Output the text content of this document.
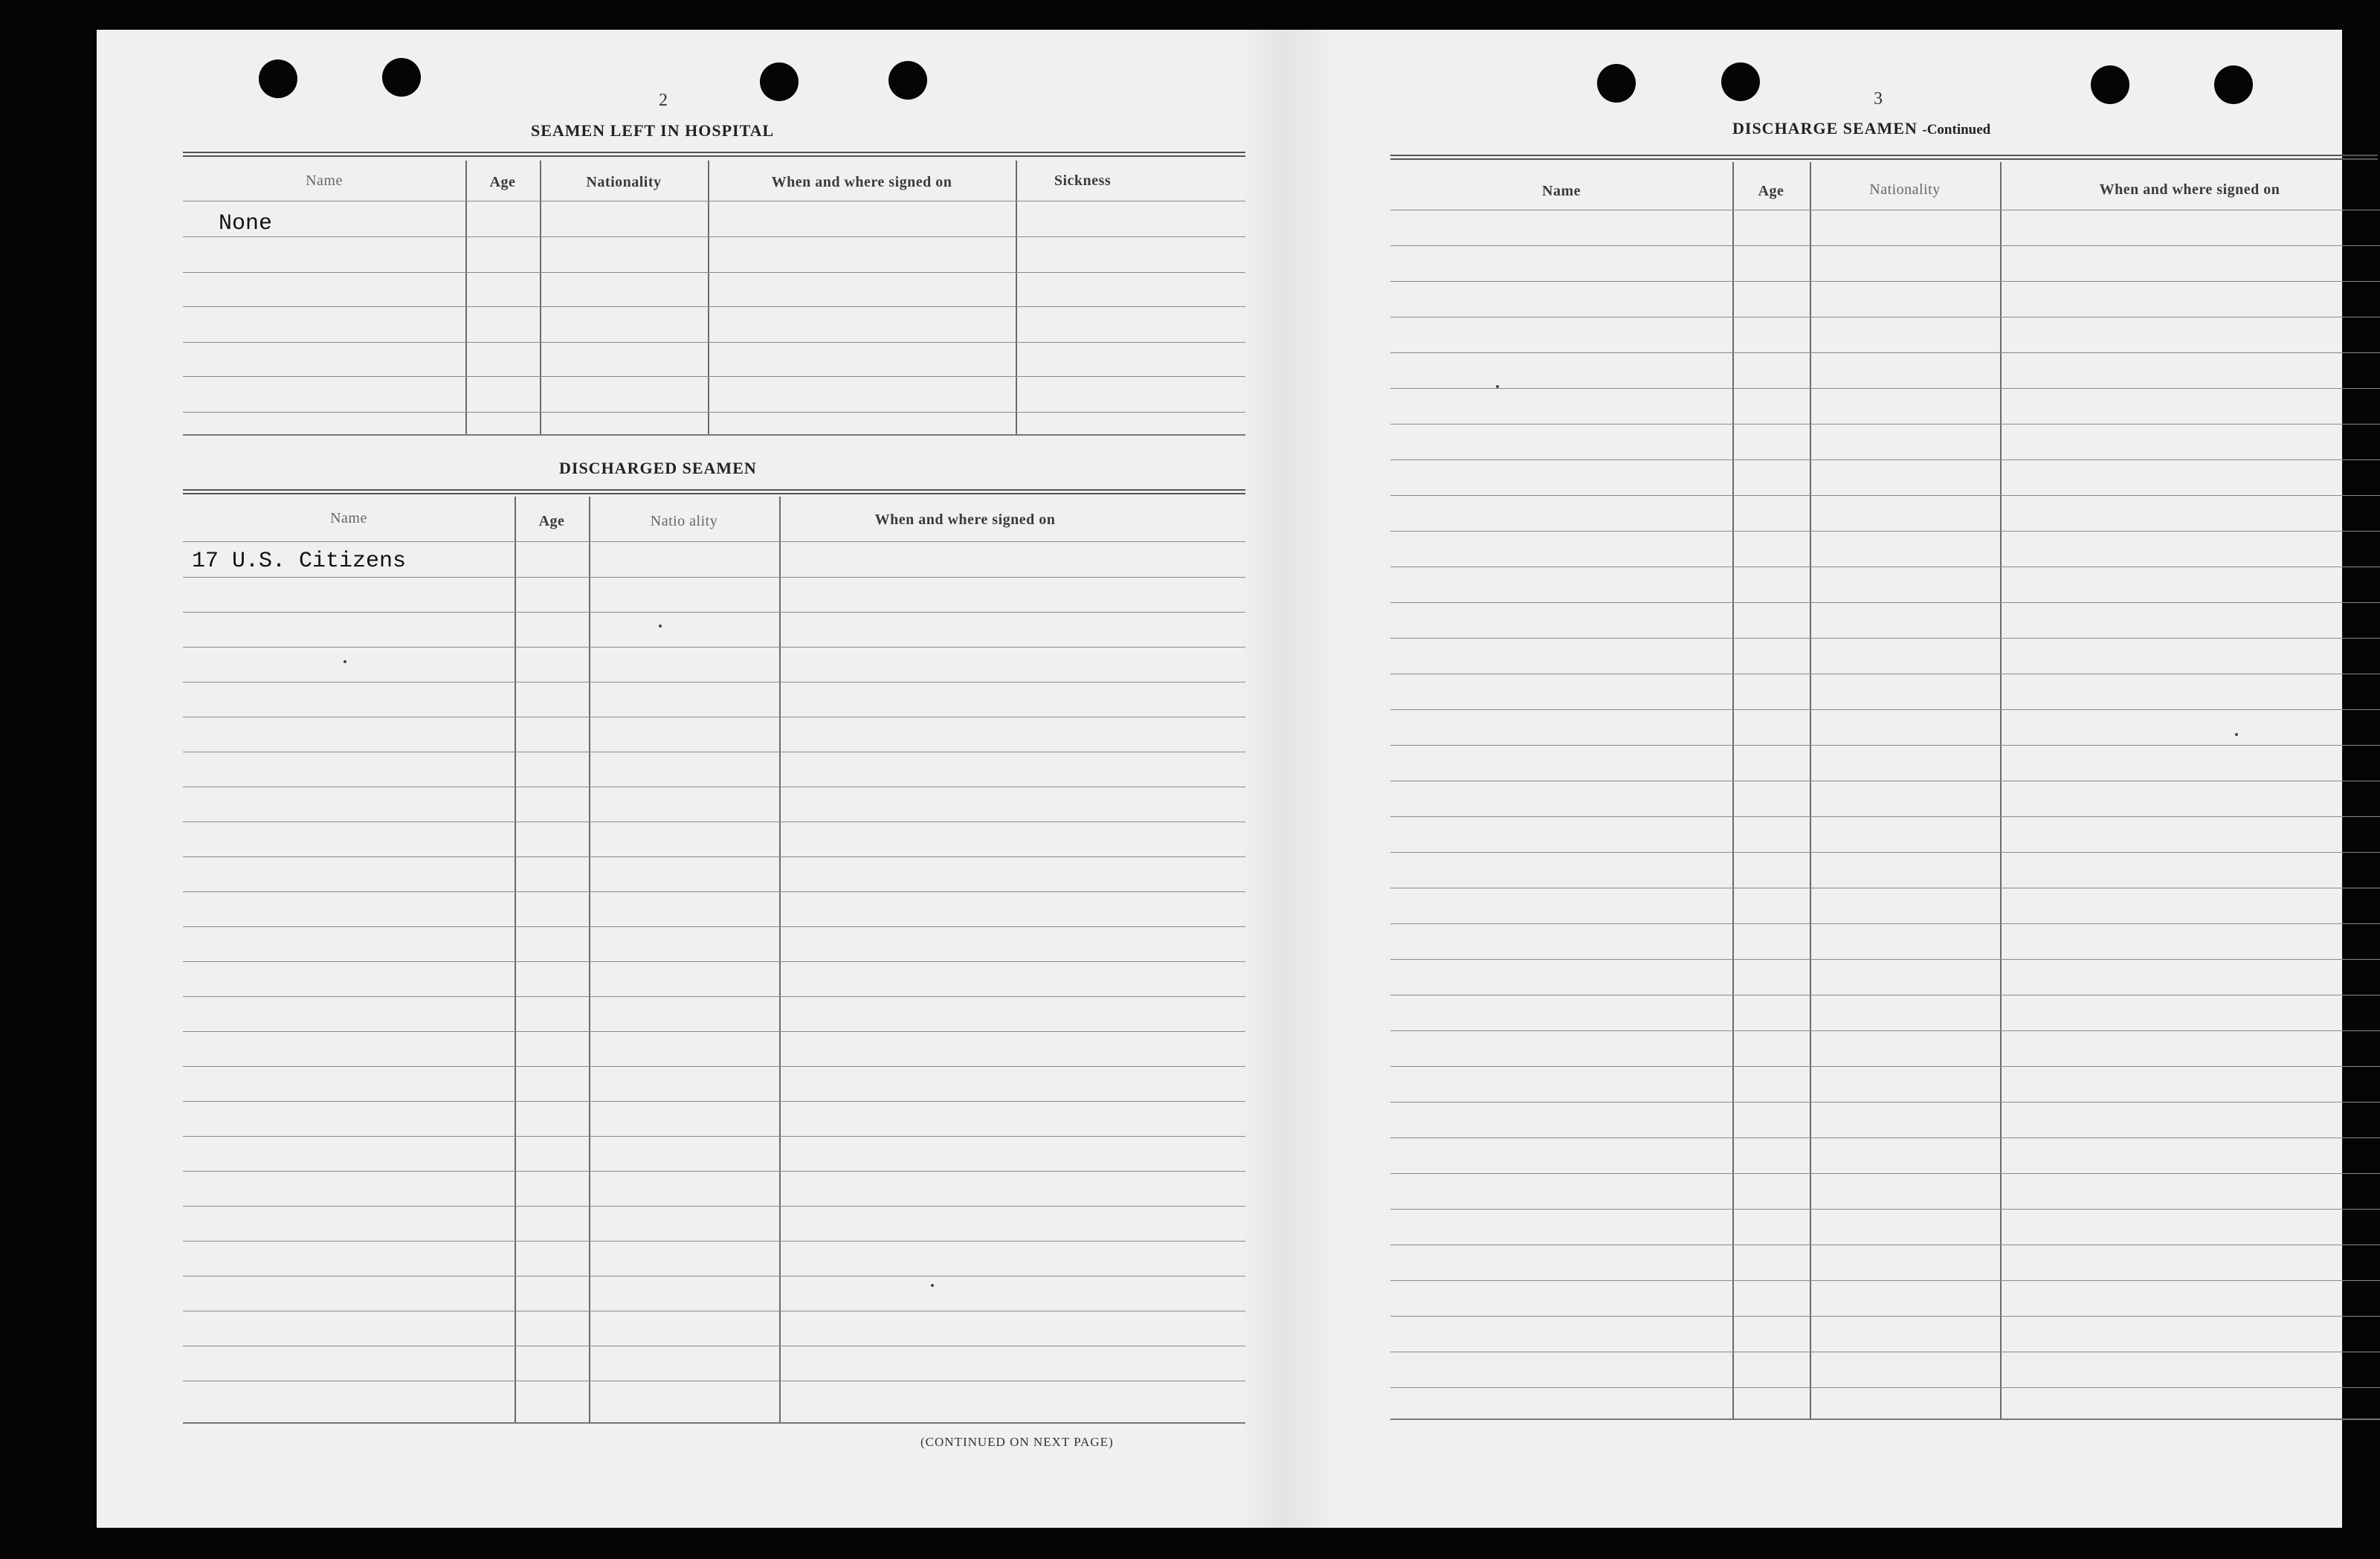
2
SEAMEN LEFT IN HOSPITAL
Name	Age	Nationality	When and where signed on	Sickness
None
DISCHARGED SEAMEN
Name	Age	Natio ality	When and where signed on
17 U.S. Citizens
(CONTINUED ON NEXT PAGE)
3
DISCHARGE SEAMEN -Continued
Name	Age	Nationality	When and where signed on
